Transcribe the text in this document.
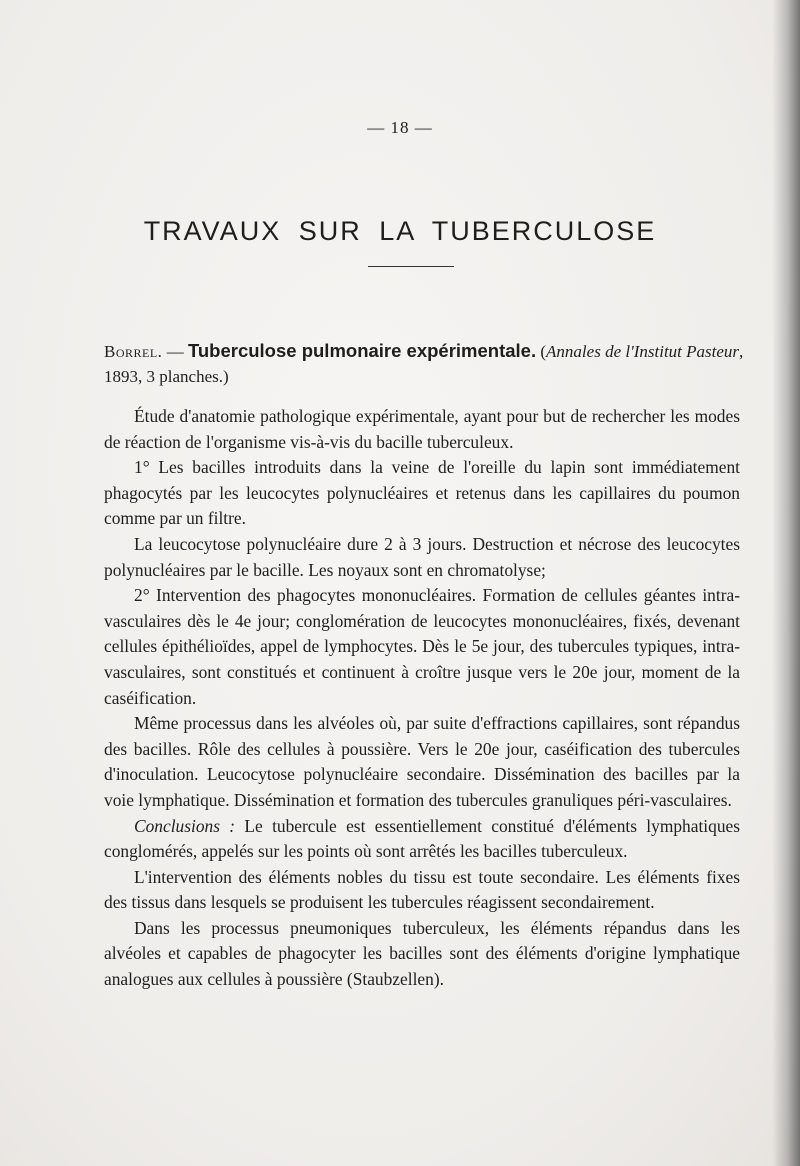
— 18 —
TRAVAUX SUR LA TUBERCULOSE
Borrel. — Tuberculose pulmonaire expérimentale. (Annales de l'Institut Pasteur, 1893, 3 planches.)

Étude d'anatomie pathologique expérimentale, ayant pour but de rechercher les modes de réaction de l'organisme vis-à-vis du bacille tuberculeux.

1° Les bacilles introduits dans la veine de l'oreille du lapin sont immédiatement phagocytés par les leucocytes polynucléaires et retenus dans les capillaires du poumon comme par un filtre.

La leucocytose polynucléaire dure 2 à 3 jours. Destruction et nécrose des leucocytes polynucléaires par le bacille. Les noyaux sont en chromatolyse;

2° Intervention des phagocytes mononucléaires. Formation de cellules géantes intra-vasculaires dès le 4e jour; conglomération de leucocytes mononucléaires, fixés, devenant cellules épithélioïdes, appel de lymphocytes. Dès le 5e jour, des tubercules typiques, intra-vasculaires, sont constitués et continuent à croître jusque vers le 20e jour, moment de la caséification.

Même processus dans les alvéoles où, par suite d'effractions capillaires, sont répandus des bacilles. Rôle des cellules à poussière. Vers le 20e jour, caséification des tubercules d'inoculation. Leucocytose polynucléaire secondaire. Dissémination des bacilles par la voie lymphatique. Dissémination et formation des tubercules granuliques péri-vasculaires.

Conclusions : Le tubercule est essentiellement constitué d'éléments lymphatiques conglomérés, appelés sur les points où sont arrêtés les bacilles tuberculeux.

L'intervention des éléments nobles du tissu est toute secondaire. Les éléments fixes des tissus dans lesquels se produisent les tubercules réagissent secondairement.

Dans les processus pneumoniques tuberculeux, les éléments répandus dans les alvéoles et capables de phagocyter les bacilles sont des éléments d'origine lymphatique analogues aux cellules à poussière (Staubzellen).
